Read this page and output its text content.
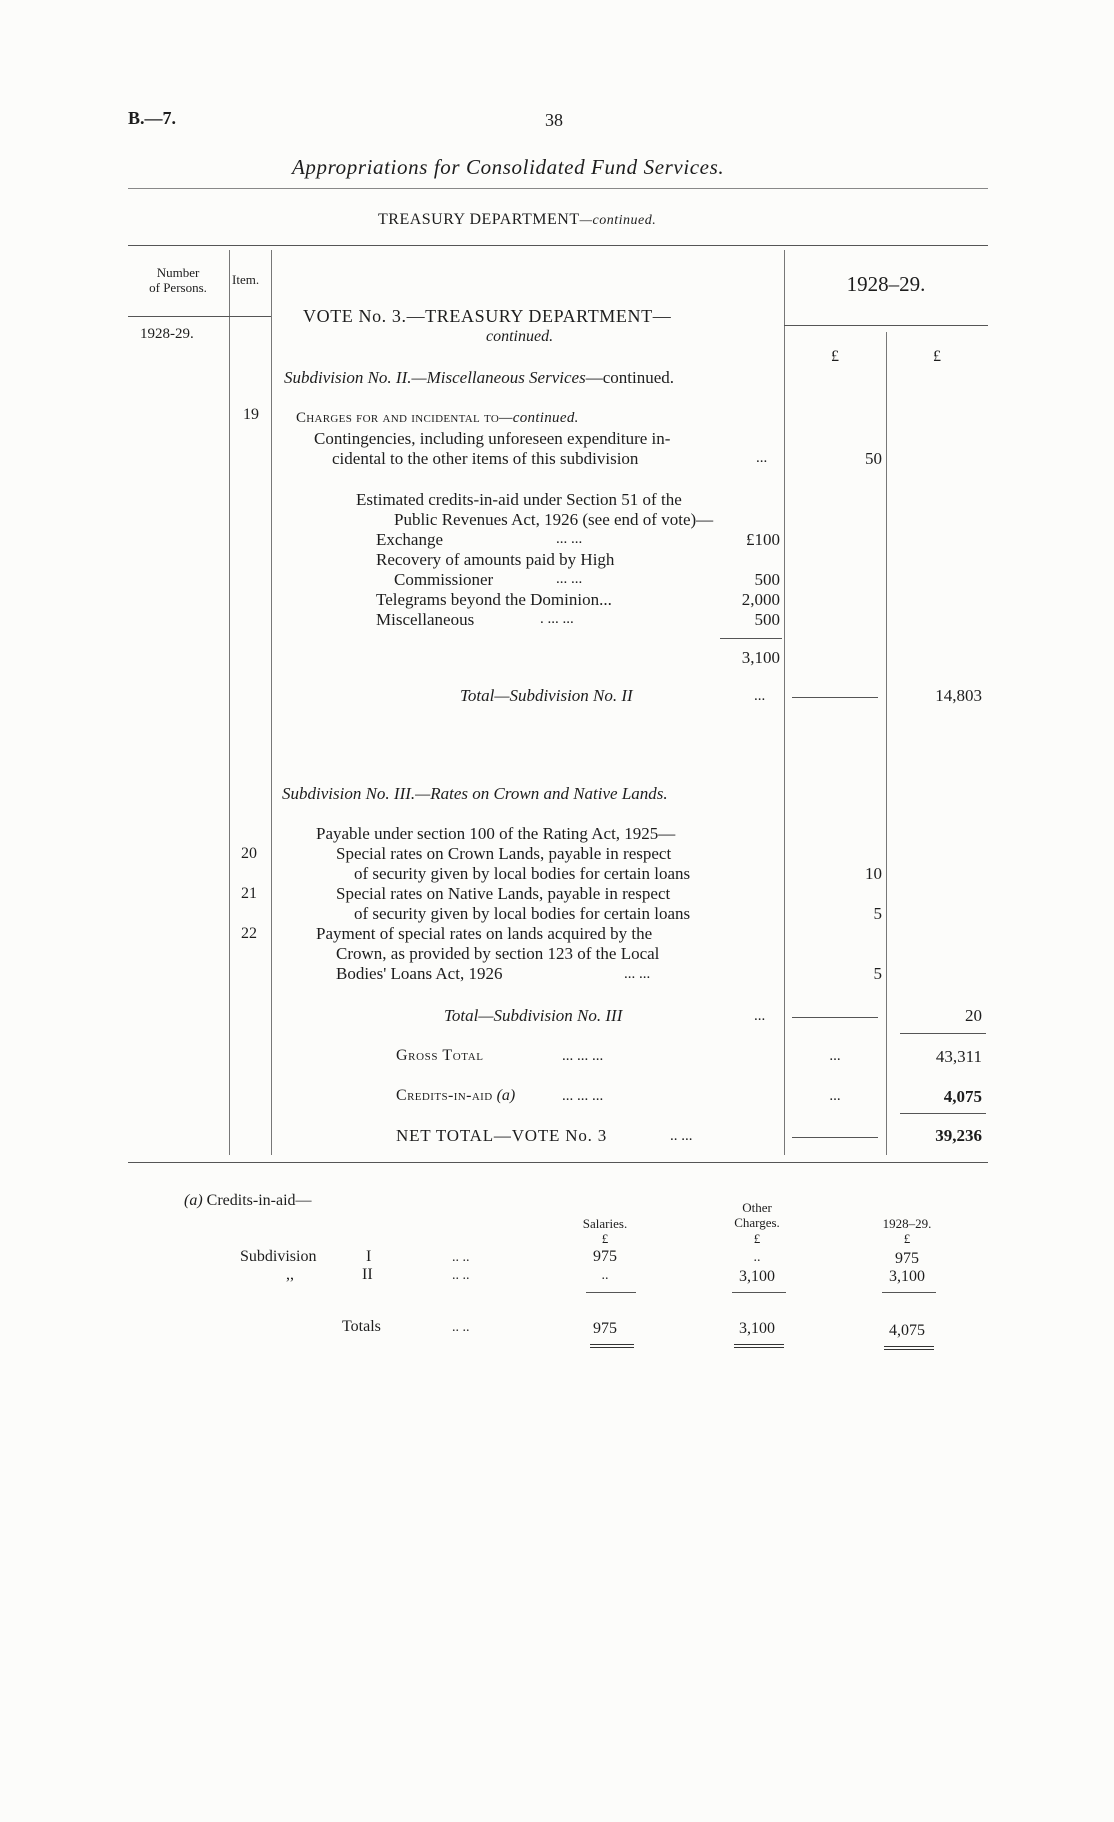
B.—7.	38
Appropriations for Consolidated Fund Services.
TREASURY DEPARTMENT—continued.
Number
of Persons.
Item.
1928-29.
1928–29.
£	£
VOTE No. 3.—TREASURY DEPARTMENT—
continued.
Subdivision No. II.—Miscellaneous Services—continued.
19 Charges for and incidental to—continued.
Contingencies, including unforeseen expenditure in-
cidental to the other items of this subdivision	...	50
Estimated credits-in-aid under Section 51 of the
Public Revenues Act, 1926 (see end of vote)—
Exchange	... ...	£100
Recovery of amounts paid by High
Commissioner	... ...	500
Telegrams beyond the Dominion...	2,000
Miscellaneous	. ... ...	500
3,100
Total—Subdivision No. II	...	14,803
Subdivision No. III.—Rates on Crown and Native Lands.
Payable under section 100 of the Rating Act, 1925—
20	Special rates on Crown Lands, payable in respect
of security given by local bodies for certain loans	10
21	Special rates on Native Lands, payable in respect
of security given by local bodies for certain loans	5
22	Payment of special rates on lands acquired by the
Crown, as provided by section 123 of the Local
Bodies' Loans Act, 1926	... ...	5
Total—Subdivision No. III	...	20
Gross Total	... ... ...	...	43,311
Credits-in-aid (a)	... ... ...	...	4,075
NET TOTAL—VOTE No. 3	.. ...	39,236
(a) Credits-in-aid—
Salaries.
Other
Charges.	1928–29.
£	£	£
Subdivision	I	.. ..	975	..	975
,,	II	.. ..	..	3,100	3,100
Totals	.. ..	975	3,100	4,075
